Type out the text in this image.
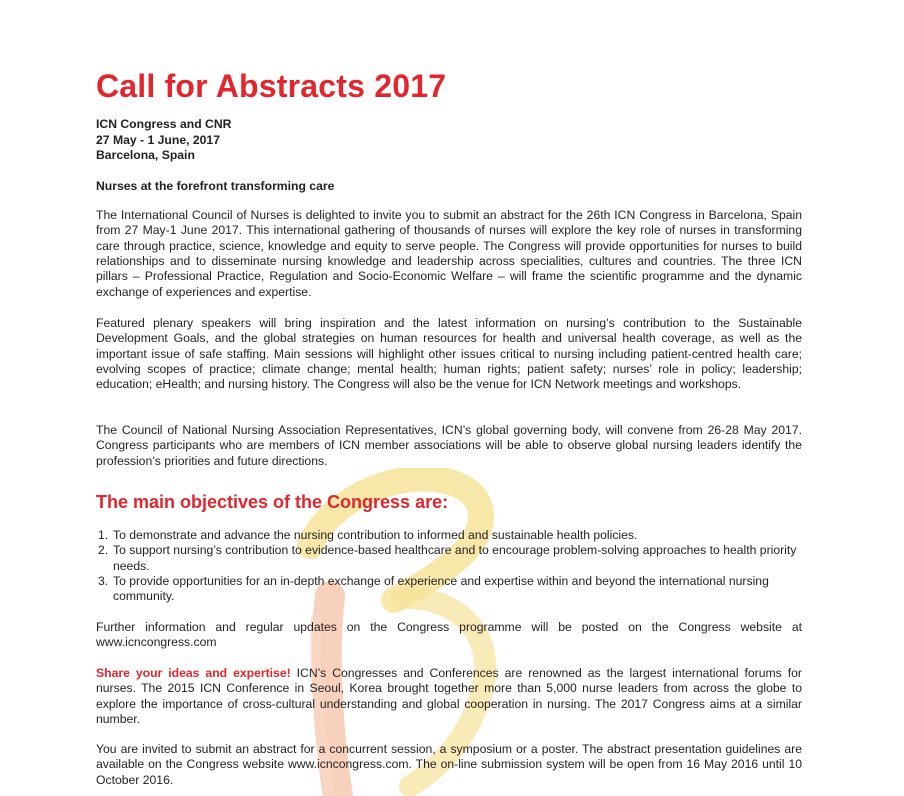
Call for Abstracts 2017
ICN Congress and CNR
27 May - 1 June, 2017
Barcelona, Spain
Nurses at the forefront transforming care

The International Council of Nurses is delighted to invite you to submit an abstract for the 26th ICN Congress in Barcelona, Spain from 27 May-1 June 2017. This international gathering of thousands of nurses will explore the key role of nurses in transforming care through practice, science, knowledge and equity to serve people. The Congress will provide opportunities for nurses to build relationships and to disseminate nursing knowledge and leadership across specialities, cultures and countries. The three ICN pillars – Professional Practice, Regulation and Socio-Economic Welfare – will frame the scientific programme and the dynamic exchange of experiences and expertise.

Featured plenary speakers will bring inspiration and the latest information on nursing’s contribution to the Sustainable Development Goals, and the global strategies on human resources for health and universal health coverage, as well as the important issue of safe staffing. Main sessions will highlight other issues critical to nursing including patient-centred health care; evolving scopes of practice; climate change; mental health; human rights; patient safety; nurses’ role in policy; leadership; education; eHealth; and nursing history. The Congress will also be the venue for ICN Network meetings and workshops.

The Council of National Nursing Association Representatives, ICN’s global governing body, will convene from 26-28 May 2017. Congress participants who are members of ICN member associations will be able to observe global nursing leaders identify the profession’s priorities and future directions.

The main objectives of the Congress are:
1. To demonstrate and advance the nursing contribution to informed and sustainable health policies.
2. To support nursing’s contribution to evidence-based healthcare and to encourage problem-solving approaches to health priority needs.
3. To provide opportunities for an in-depth exchange of experience and expertise within and beyond the international nursing community.

Further information and regular updates on the Congress programme will be posted on the Congress website at www.icncongress.com

Share your ideas and expertise! ICN’s Congresses and Conferences are renowned as the largest international forums for nurses. The 2015 ICN Conference in Seoul, Korea brought together more than 5,000 nurse leaders from across the globe to explore the importance of cross-cultural understanding and global cooperation in nursing. The 2017 Congress aims at a similar number.

You are invited to submit an abstract for a concurrent session, a symposium or a poster. The abstract presentation guidelines are available on the Congress website www.icncongress.com. The on-line submission system will be open from 16 May 2016 until 10 October 2016.
